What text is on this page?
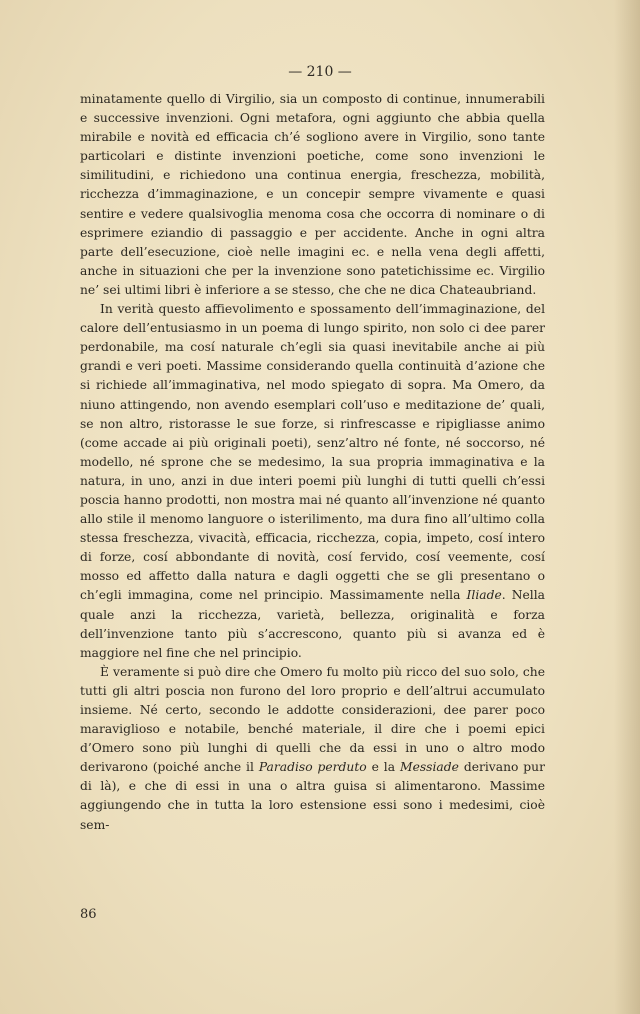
— 210 —

minatamente quello di Virgilio, sia un composto di continue, innumerabili e successive invenzioni. Ogni metafora, ogni aggiunto che abbia quella mirabile e novità ed efficacia ch’é sogliono avere in Virgilio, sono tante particolari e distinte invenzioni poetiche, come sono invenzioni le similitudini, e richiedono una continua energia, freschezza, mobilità, ricchezza d’immaginazione, e un concepir sempre vivamente e quasi sentire e vedere qualsivoglia menoma cosa che occorra di nominare o di esprimere eziandio di passaggio e per accidente. Anche in ogni altra parte dell’esecuzione, cioè nelle imagini ec. e nella vena degli affetti, anche in situazioni che per la invenzione sono patetichissime ec. Virgilio ne’ sei ultimi libri è inferiore a se stesso, che che ne dica Chateaubriand.

In verità questo affievolimento e spossamento dell’immaginazione, del calore dell’entusiasmo in un poema di lungo spirito, non solo ci dee parer perdonabile, ma cosí naturale ch’egli sia quasi inevitabile anche ai più grandi e veri poeti. Massime considerando quella continuità d’azione che si richiede all’immaginativa, nel modo spiegato di sopra. Ma Omero, da niuno attingendo, non avendo esemplari coll’uso e meditazione de’ quali, se non altro, ristorasse le sue forze, si rinfrescasse e ripigliasse animo (come accade ai più originali poeti), senz’altro né fonte, né soccorso, né modello, né sprone che se medesimo, la sua propria immaginativa e la natura, in uno, anzi in due interi poemi più lunghi di tutti quelli ch’essi poscia hanno prodotti, non mostra mai né quanto all’invenzione né quanto allo stile il menomo languore o isterilimento, ma dura fino all’ultimo colla stessa freschezza, vivacità, efficacia, ricchezza, copia, impeto, cosí intero di forze, cosí abbondante di novità, cosí fervido, cosí veemente, cosí mosso ed affetto dalla natura e dagli oggetti che se gli presentano o ch’egli immagina, come nel principio. Massimamente nella Iliade. Nella quale anzi la ricchezza, varietà, bellezza, originalità e forza dell’invenzione tanto più s’accrescono, quanto più si avanza ed è maggiore nel fine che nel principio.

È veramente si può dire che Omero fu molto più ricco del suo solo, che tutti gli altri poscia non furono del loro proprio e dell’altrui accumulato insieme. Né certo, secondo le addotte considerazioni, dee parer poco maraviglioso e notabile, benché materiale, il dire che i poemi epici d’Omero sono più lunghi di quelli che da essi in uno o altro modo derivarono (poiché anche il Paradiso perduto e la Messiade derivano pur di là), e che di essi in una o altra guisa si alimentarono. Massime aggiungendo che in tutta la loro estensione essi sono i medesimi, cioè sem-

86
